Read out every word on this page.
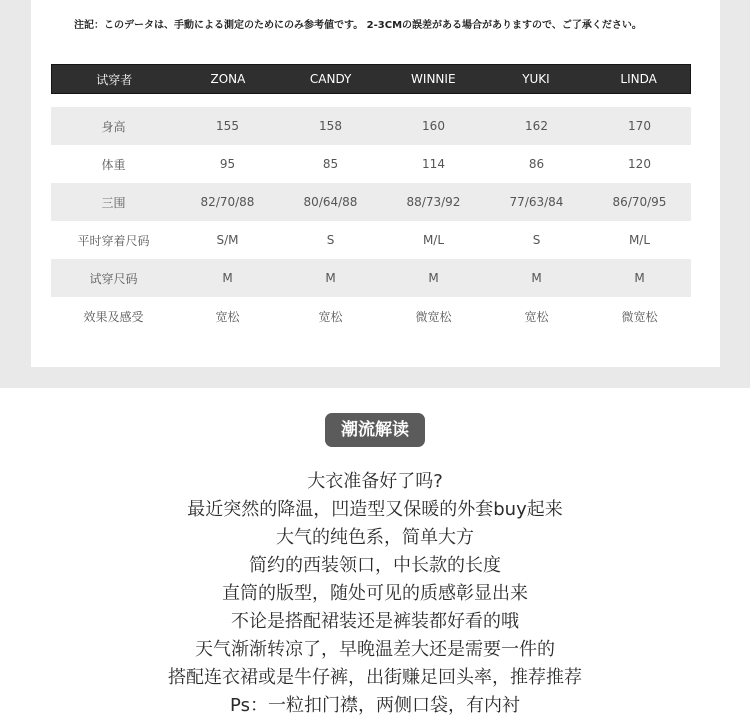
注記：このデータは、手動による測定のためにのみ参考値です。 2-3CMの誤差がある場合がありますので、ご了承ください。
试穿者	ZONA	CANDY	WINNIE	YUKI	LINDA
身高	155	158	160	162	170
体重	95	85	114	86	120
三围	82/70/88	80/64/88	88/73/92	77/63/84	86/70/95
平时穿着尺码	S/M	S	M/L	S	M/L
试穿尺码	M	M	M	M	M
效果及感受	宽松	宽松	微宽松	宽松	微宽松
潮流解读
大衣准备好了吗?
最近突然的降温，凹造型又保暖的外套buy起来
大气的纯色系，简单大方
简约的西装领口，中长款的长度
直筒的版型，随处可见的质感彰显出来
不论是搭配裙装还是裤装都好看的哦
天气渐渐转凉了，早晚温差大还是需要一件的
搭配连衣裙或是牛仔裤，出街赚足回头率，推荐推荐
Ps：一粒扣门襟，两侧口袋，有内衬
